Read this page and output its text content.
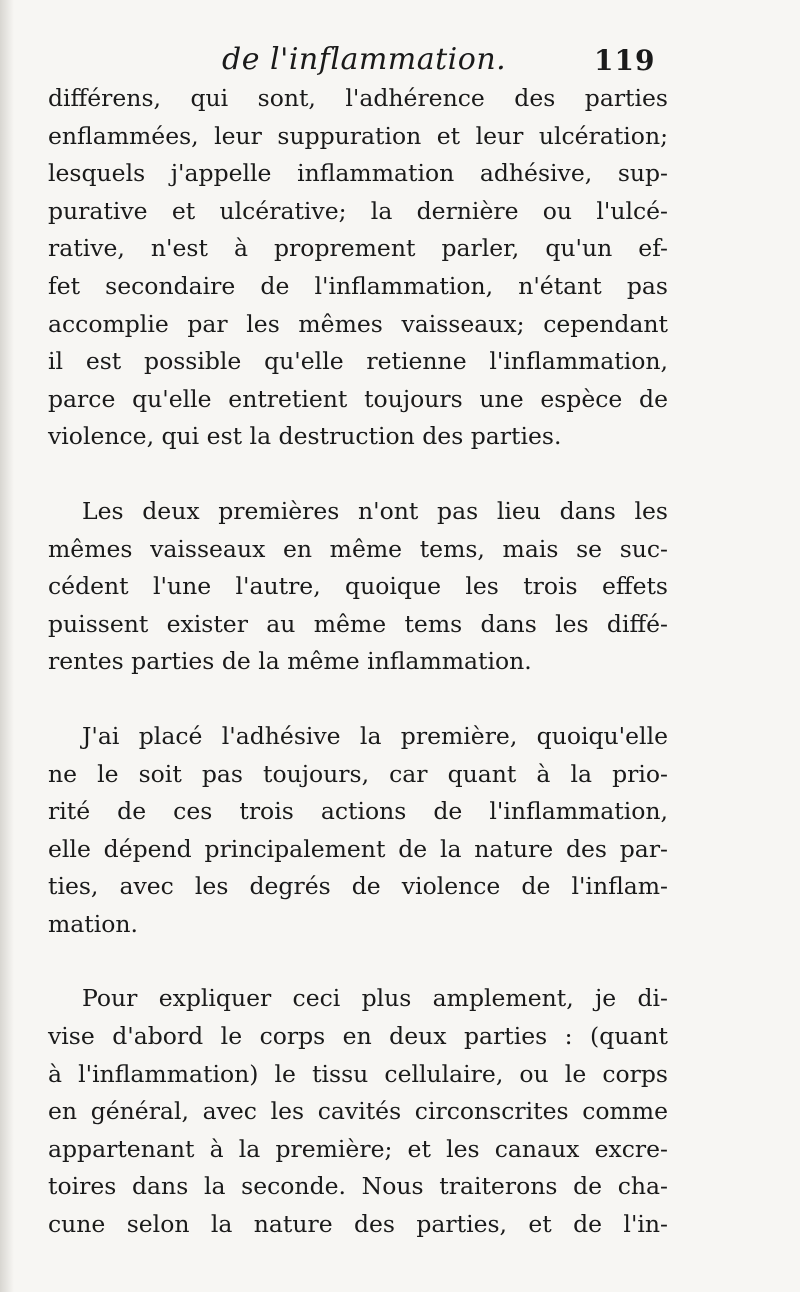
de l'inflammation.	119
différens, qui sont, l'adhérence des parties
enflammées, leur suppuration et leur ulcération;
lesquels j'appelle inflammation adhésive, sup-
purative et ulcérative; la dernière ou l'ulcé-
rative, n'est à proprement parler, qu'un ef-
fet secondaire de l'inflammation, n'étant pas
accomplie par les mêmes vaisseaux; cependant
il est possible qu'elle retienne l'inflammation,
parce qu'elle entretient toujours une espèce de
violence, qui est la destruction des parties.
Les deux premières n'ont pas lieu dans les
mêmes vaisseaux en même tems, mais se suc-
cédent l'une l'autre, quoique les trois effets
puissent exister au même tems dans les diffé-
rentes parties de la même inflammation.
J'ai placé l'adhésive la première, quoiqu'elle
ne le soit pas toujours, car quant à la prio-
rité de ces trois actions de l'inflammation,
elle dépend principalement de la nature des par-
ties, avec les degrés de violence de l'inflam-
mation.
Pour expliquer ceci plus amplement, je di-
vise d'abord le corps en deux parties : (quant
à l'inflammation) le tissu cellulaire, ou le corps
en général, avec les cavités circonscrites comme
appartenant à la première; et les canaux excre-
toires dans la seconde. Nous traiterons de cha-
cune selon la nature des parties, et de l'in-
